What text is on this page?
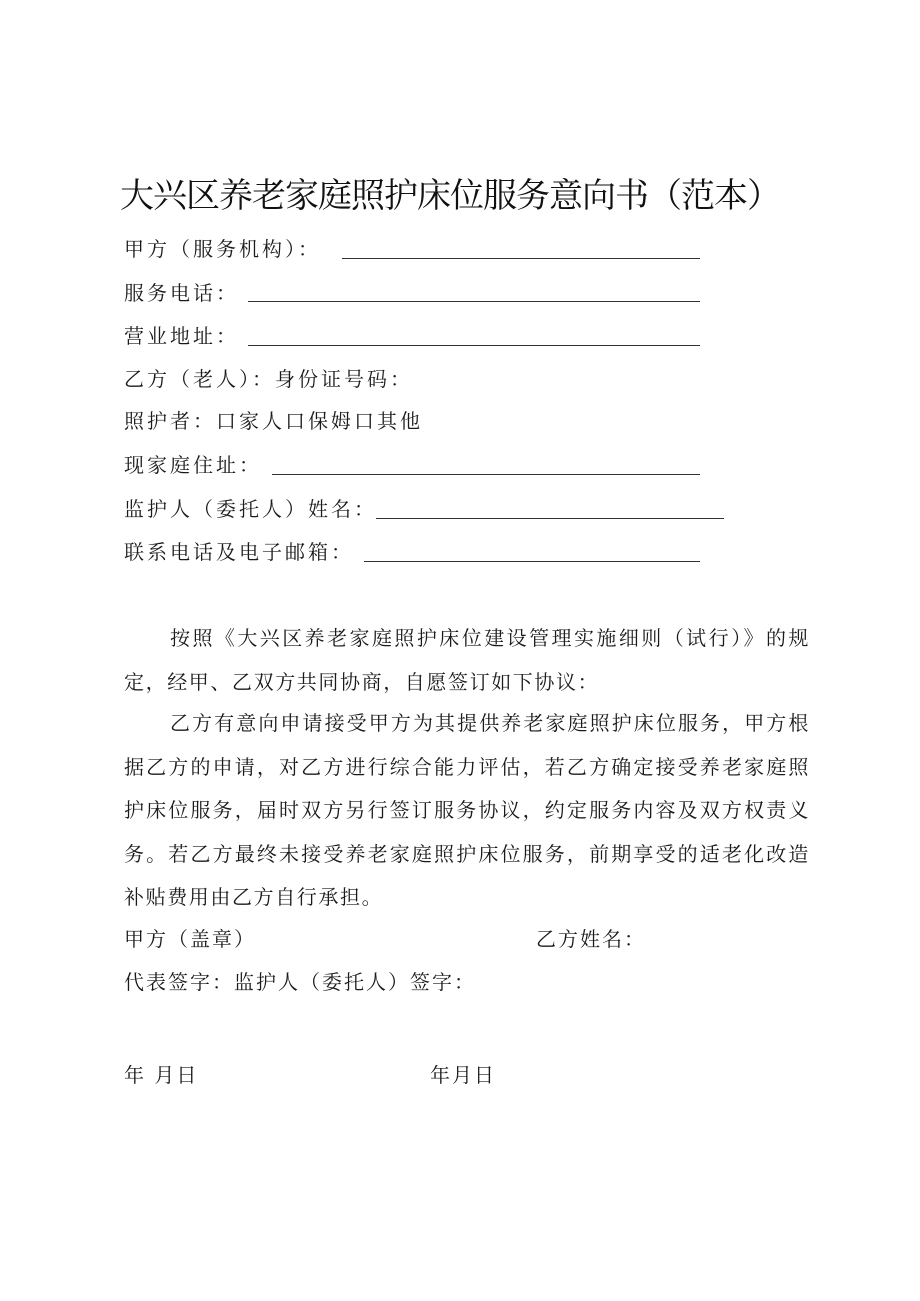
大兴区养老家庭照护床位服务意向书（范本）
甲方（服务机构）：
服务电话：
营业地址：
乙方（老人）：身份证号码：
照护者：口家人口保姆口其他
现家庭住址：
监护人（委托人）姓名：
联系电话及电子邮箱：
按照《大兴区养老家庭照护床位建设管理实施细则（试行）》的规定，经甲、乙双方共同协商，自愿签订如下协议：
乙方有意向申请接受甲方为其提供养老家庭照护床位服务，甲方根据乙方的申请，对乙方进行综合能力评估，若乙方确定接受养老家庭照护床位服务，届时双方另行签订服务协议，约定服务内容及双方权责义务。若乙方最终未接受养老家庭照护床位服务，前期享受的适老化改造补贴费用由乙方自行承担。
甲方（盖章）	乙方姓名：
代表签字：监护人（委托人）签字：
年 月日	年月日
